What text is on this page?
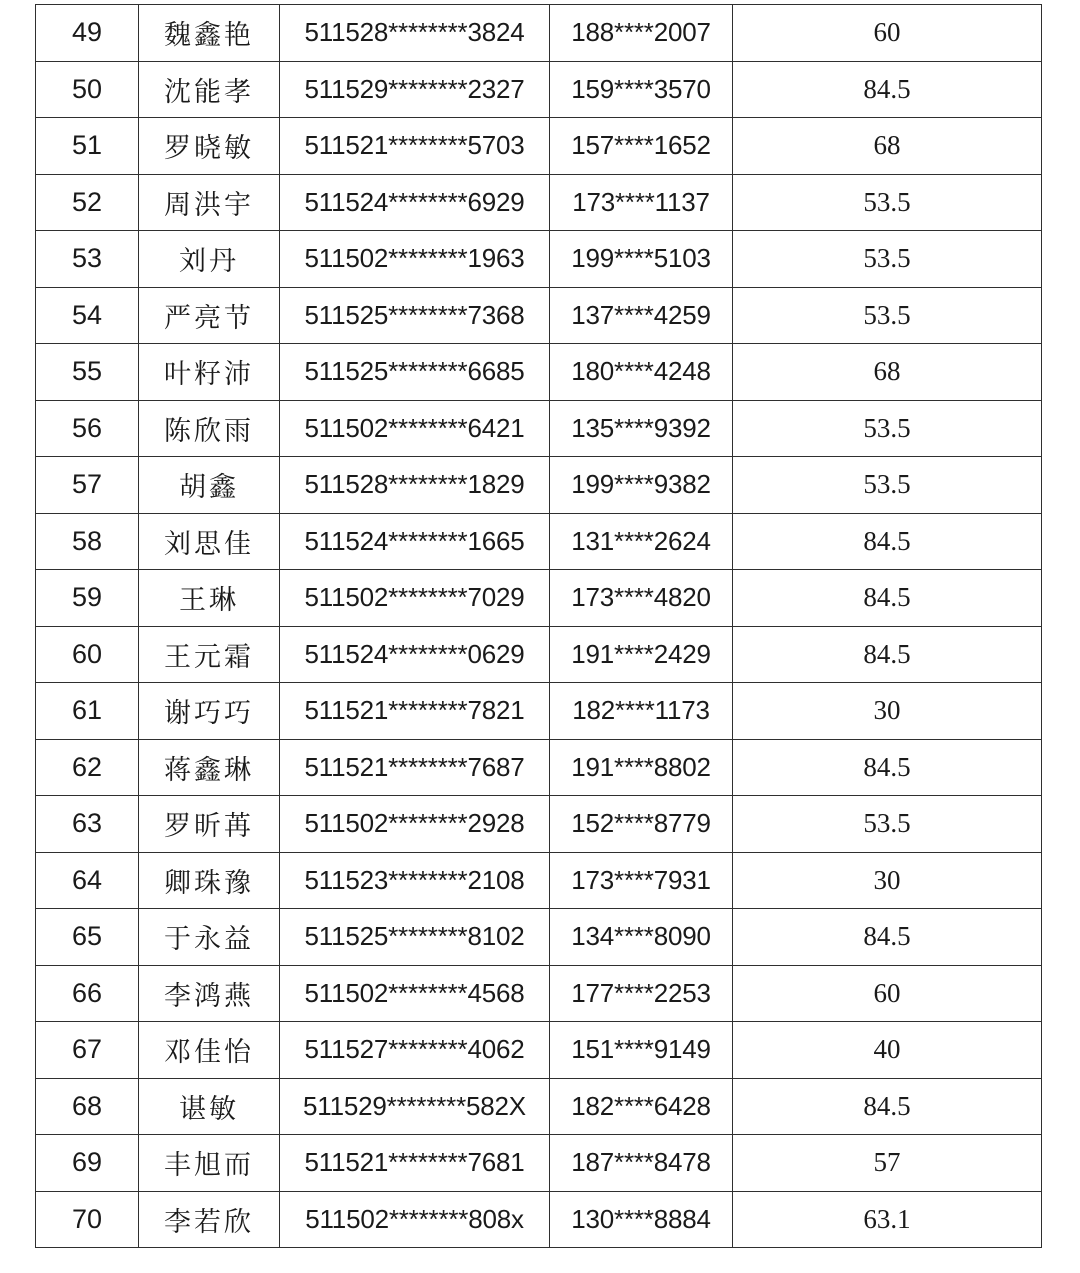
49	魏鑫艳	511528********3824	188****2007	60
50	沈能孝	511529********2327	159****3570	84.5
51	罗晓敏	511521********5703	157****1652	68
52	周洪宇	511524********6929	173****1137	53.5
53	刘丹	511502********1963	199****5103	53.5
54	严亮节	511525********7368	137****4259	53.5
55	叶籽沛	511525********6685	180****4248	68
56	陈欣雨	511502********6421	135****9392	53.5
57	胡鑫	511528********1829	199****9382	53.5
58	刘思佳	511524********1665	131****2624	84.5
59	王琳	511502********7029	173****4820	84.5
60	王元霜	511524********0629	191****2429	84.5
61	谢巧巧	511521********7821	182****1173	30
62	蒋鑫琳	511521********7687	191****8802	84.5
63	罗昕苒	511502********2928	152****8779	53.5
64	卿珠豫	511523********2108	173****7931	30
65	于永益	511525********8102	134****8090	84.5
66	李鸿燕	511502********4568	177****2253	60
67	邓佳怡	511527********4062	151****9149	40
68	谌敏	511529********582X	182****6428	84.5
69	丰旭而	511521********7681	187****8478	57
70	李若欣	511502********808x	130****8884	63.1
